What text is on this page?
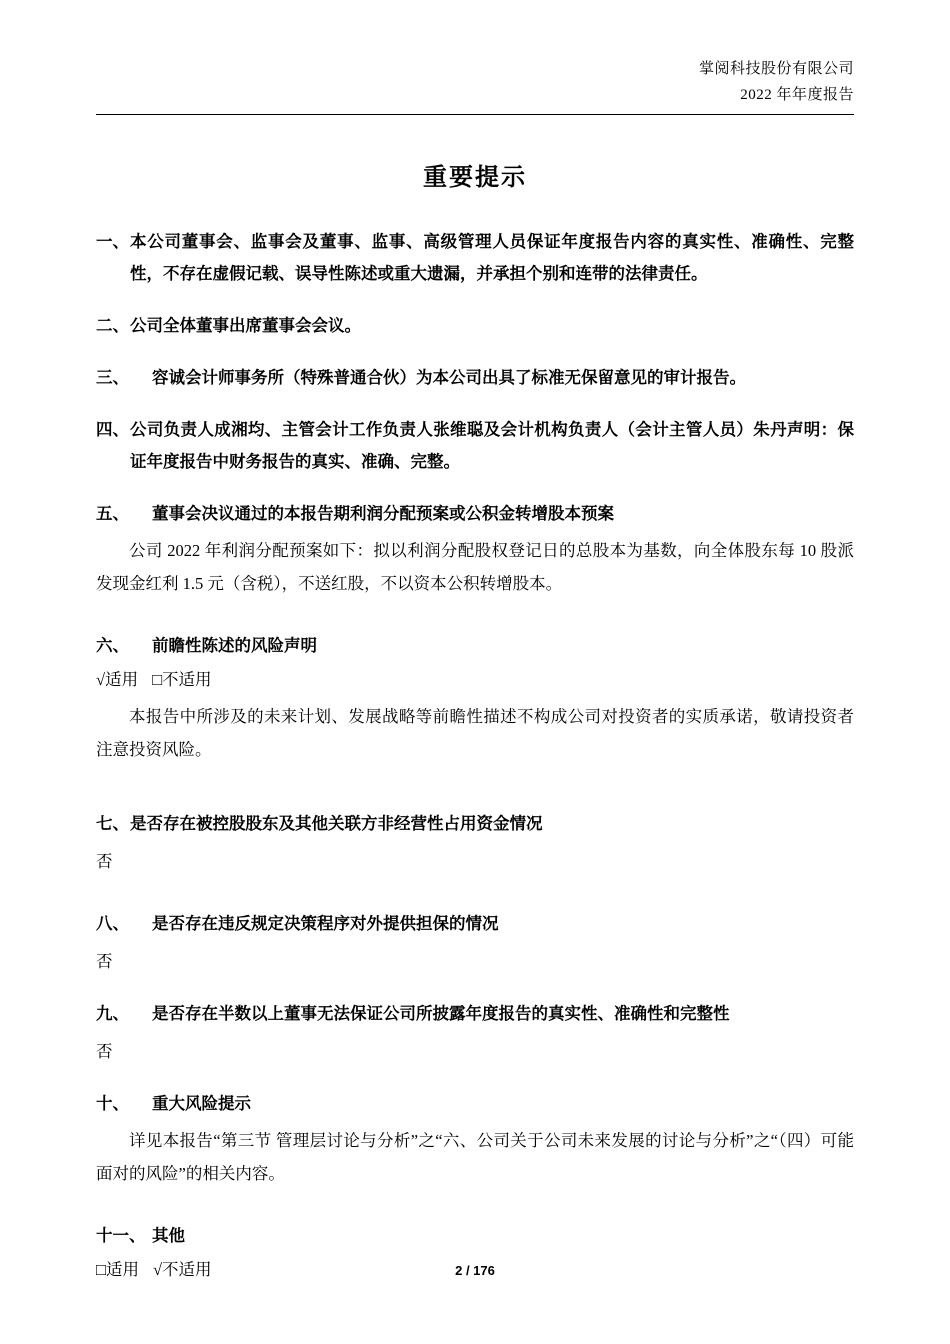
掌阅科技股份有限公司
2022 年年度报告
重要提示
一、 本公司董事会、监事会及董事、监事、高级管理人员保证年度报告内容的真实性、准确性、完整性，不存在虚假记载、误导性陈述或重大遗漏，并承担个别和连带的法律责任。
二、 公司全体董事出席董事会会议。
三、	容诚会计师事务所（特殊普通合伙）为本公司出具了标准无保留意见的审计报告。
四、 公司负责人成湘均、主管会计工作负责人张维聪及会计机构负责人（会计主管人员）朱丹声明：保证年度报告中财务报告的真实、准确、完整。
五、	董事会决议通过的本报告期利润分配预案或公积金转增股本预案
公司 2022 年利润分配预案如下：拟以利润分配股权登记日的总股本为基数，向全体股东每 10 股派发现金红利 1.5 元（含税），不送红股，不以资本公积转增股本。
六、	前瞻性陈述的风险声明
√适用 □不适用
本报告中所涉及的未来计划、发展战略等前瞻性描述不构成公司对投资者的实质承诺，敬请投资者注意投资风险。
七、 是否存在被控股股东及其他关联方非经营性占用资金情况
否
八、	是否存在违反规定决策程序对外提供担保的情况
否
九、	是否存在半数以上董事无法保证公司所披露年度报告的真实性、准确性和完整性
否
十、	重大风险提示
详见本报告“第三节 管理层讨论与分析”之“六、公司关于公司未来发展的讨论与分析”之“（四）可能面对的风险”的相关内容。
十一、 其他
□适用 √不适用	2 / 176
